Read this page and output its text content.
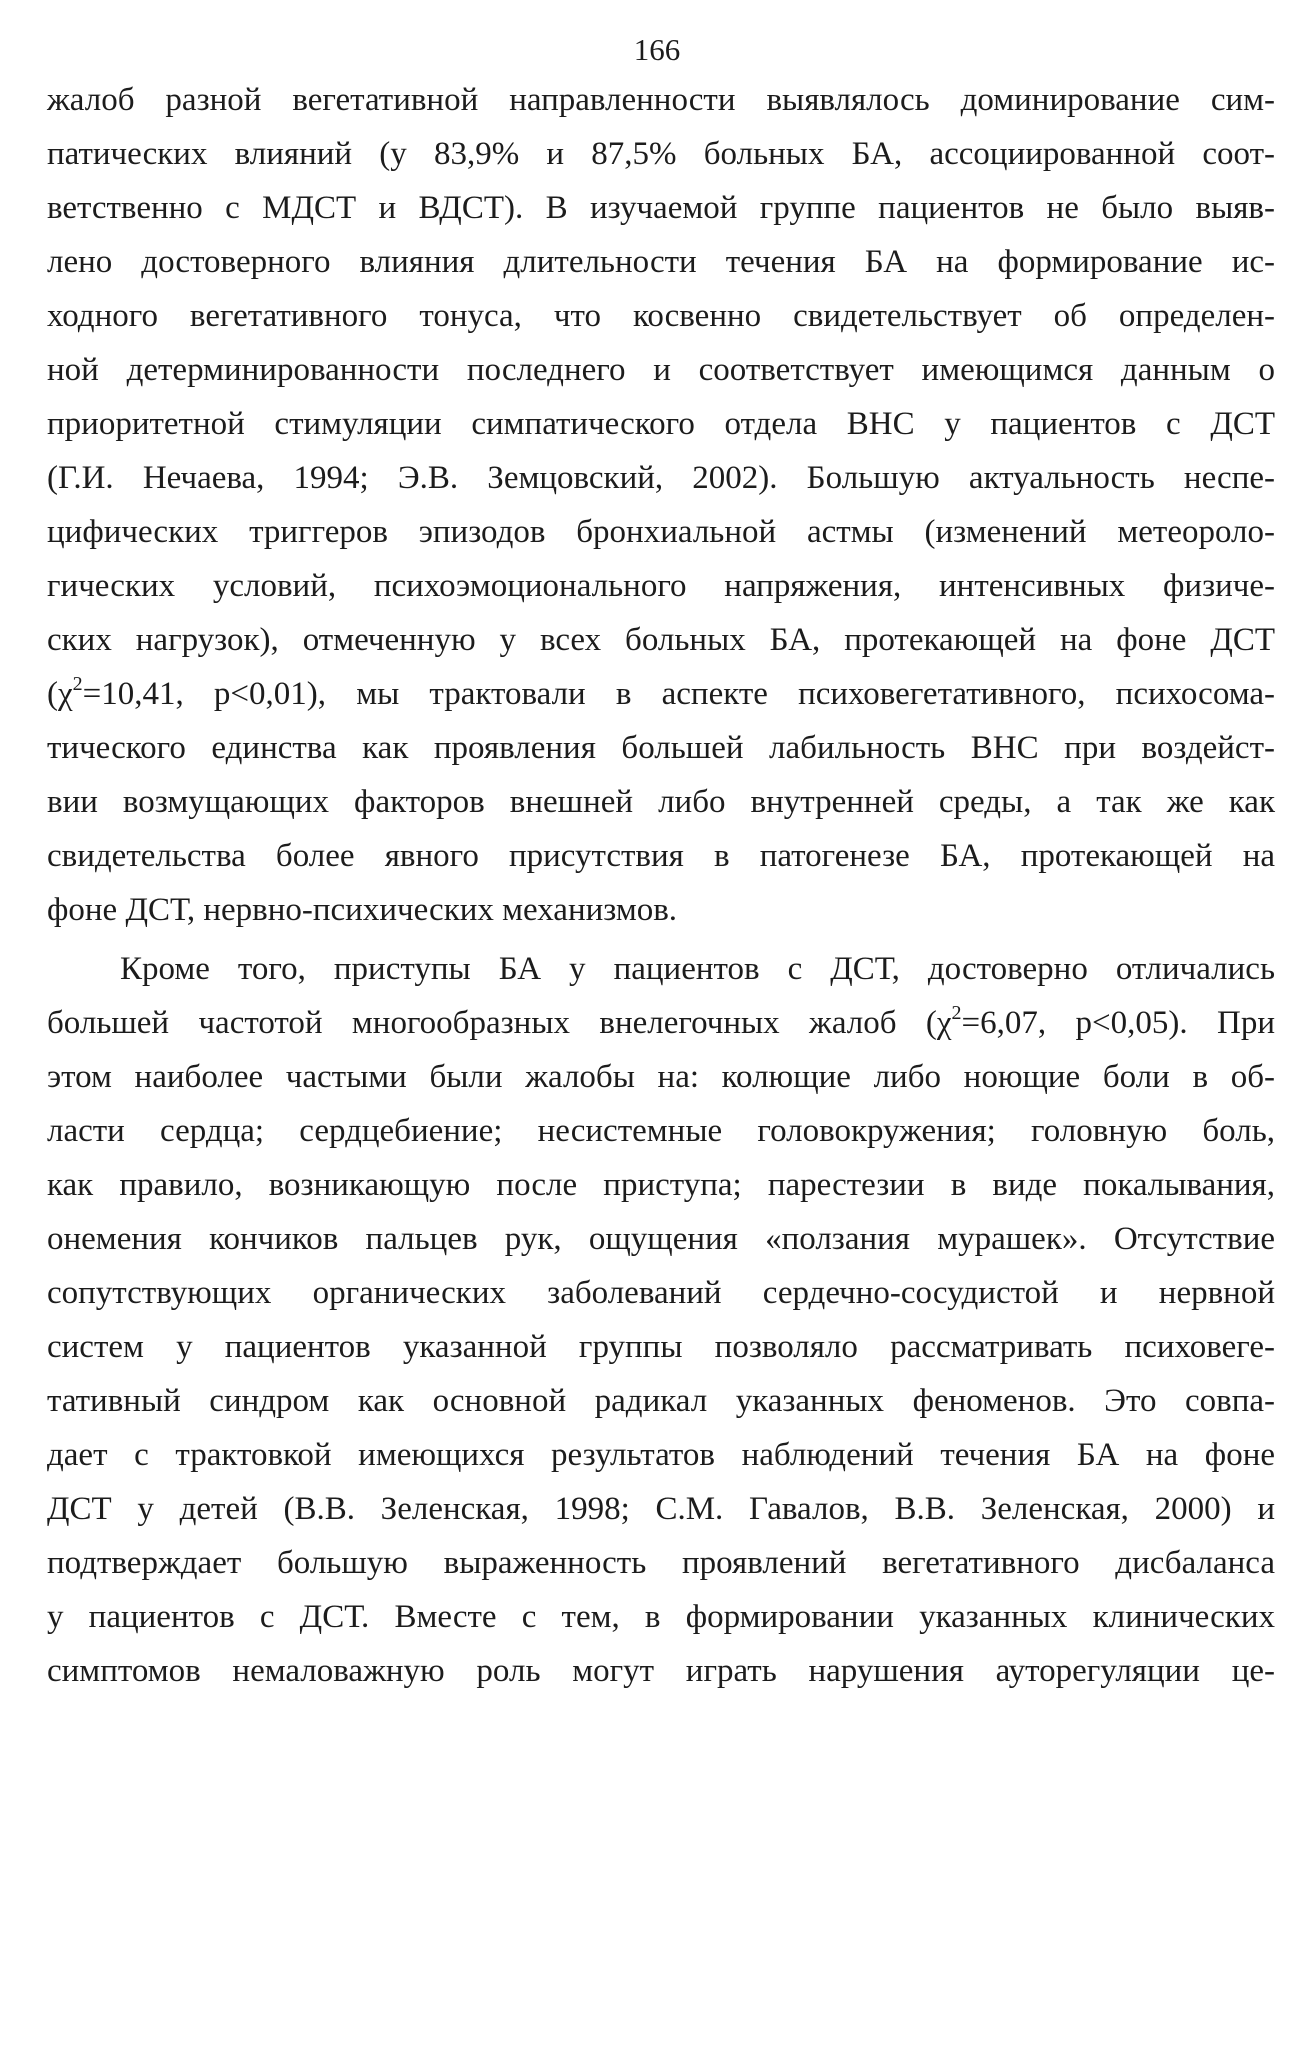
166
жалоб разной вегетативной направленности выявлялось доминирование сим-
патических влияний (у 83,9% и 87,5% больных БА, ассоциированной соот-
ветственно с МДСТ и ВДСТ). В изучаемой группе пациентов не было выяв-
лено достоверного влияния длительности течения БА на формирование ис-
ходного вегетативного тонуса, что косвенно свидетельствует об определен-
ной детерминированности последнего и соответствует имеющимся данным о
приоритетной стимуляции симпатического отдела ВНС у пациентов с ДСТ
(Г.И. Нечаева, 1994; Э.В. Земцовский, 2002). Большую актуальность неспе-
цифических триггеров эпизодов бронхиальной астмы (изменений метеороло-
гических условий, психоэмоционального напряжения, интенсивных физиче-
ских нагрузок), отмеченную у всех больных БА, протекающей на фоне ДСТ
($\chi^2=10,41$, p<0,01), мы трактовали в аспекте психовегетативного, психосома-
тического единства как проявления большей лабильность ВНС при воздейст-
вии возмущающих факторов внешней либо внутренней среды, а так же как
свидетельства более явного присутствия в патогенезе БА, протекающей на
фоне ДСТ, нервно-психических механизмов.
Кроме того, приступы БА у пациентов с ДСТ, достоверно отличались
большей частотой многообразных внелегочных жалоб ($\chi^2=6,07$, p<0,05). При
этом наиболее частыми были жалобы на: колющие либо ноющие боли в об-
ласти сердца; сердцебиение; несистемные головокружения; головную боль,
как правило, возникающую после приступа; парестезии в виде покалывания,
онемения кончиков пальцев рук, ощущения «ползания мурашек». Отсутствие
сопутствующих органических заболеваний сердечно-сосудистой и нервной
систем у пациентов указанной группы позволяло рассматривать психовеге-
тативный синдром как основной радикал указанных феноменов. Это совпа-
дает с трактовкой имеющихся результатов наблюдений течения БА на фоне
ДСТ у детей (В.В. Зеленская, 1998; С.М. Гавалов, В.В. Зеленская, 2000) и
подтверждает большую выраженность проявлений вегетативного дисбаланса
у пациентов с ДСТ. Вместе с тем, в формировании указанных клинических
симптомов немаловажную роль могут играть нарушения ауторегуляции це-
